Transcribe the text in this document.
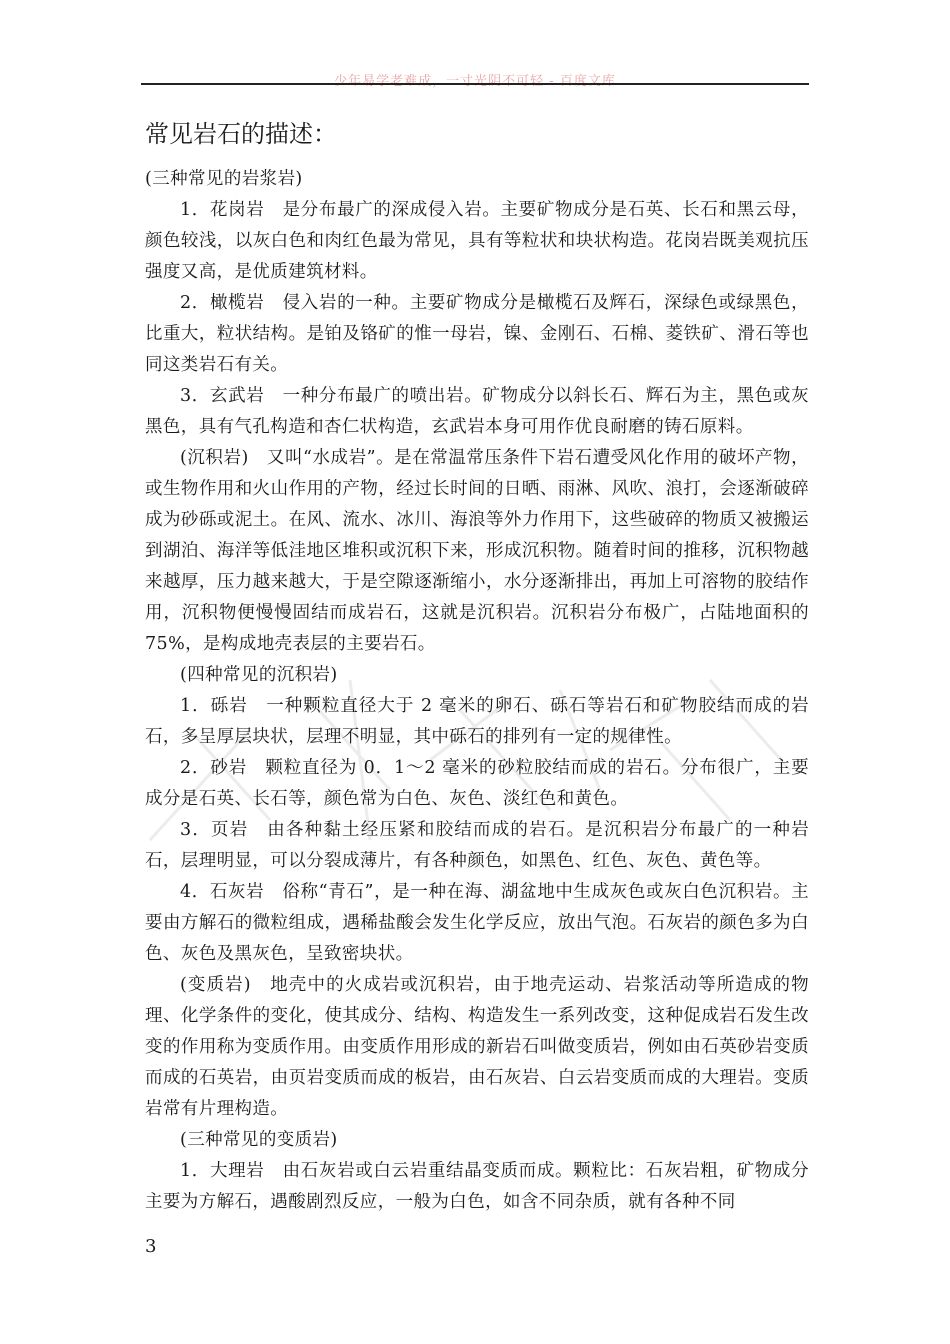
少年易学老难成，一寸光阴不可轻 - 百度文库
常见岩石的描述：

(三种常见的岩浆岩)

1．花岗岩　是分布最广的深成侵入岩。主要矿物成分是石英、长石和黑云母，颜色较浅，以灰白色和肉红色最为常见，具有等粒状和块状构造。花岗岩既美观抗压强度又高，是优质建筑材料。

2．橄榄岩　侵入岩的一种。主要矿物成分是橄榄石及辉石，深绿色或绿黑色，比重大，粒状结构。是铂及铬矿的惟一母岩，镍、金刚石、石棉、菱铁矿、滑石等也同这类岩石有关。

3．玄武岩　一种分布最广的喷出岩。矿物成分以斜长石、辉石为主，黑色或灰黑色，具有气孔构造和杏仁状构造，玄武岩本身可用作优良耐磨的铸石原料。

(沉积岩)　又叫“水成岩”。是在常温常压条件下岩石遭受风化作用的破坏产物，或生物作用和火山作用的产物，经过长时间的日晒、雨淋、风吹、浪打，会逐渐破碎成为砂砾或泥土。在风、流水、冰川、海浪等外力作用下，这些破碎的物质又被搬运到湖泊、海洋等低洼地区堆积或沉积下来，形成沉积物。随着时间的推移，沉积物越来越厚，压力越来越大，于是空隙逐渐缩小，水分逐渐排出，再加上可溶物的胶结作用，沉积物便慢慢固结而成岩石，这就是沉积岩。沉积岩分布极广，占陆地面积的 75%，是构成地壳表层的主要岩石。

(四种常见的沉积岩)

1．砾岩　一种颗粒直径大于 2 毫米的卵石、砾石等岩石和矿物胶结而成的岩石，多呈厚层块状，层理不明显，其中砾石的排列有一定的规律性。

2．砂岩　颗粒直径为 0．1～2 毫米的砂粒胶结而成的岩石。分布很广，主要成分是石英、长石等，颜色常为白色、灰色、淡红色和黄色。

3．页岩　由各种黏土经压紧和胶结而成的岩石。是沉积岩分布最广的一种岩石，层理明显，可以分裂成薄片，有各种颜色，如黑色、红色、灰色、黄色等。

4．石灰岩　俗称“青石”，是一种在海、湖盆地中生成灰色或灰白色沉积岩。主要由方解石的微粒组成，遇稀盐酸会发生化学反应，放出气泡。石灰岩的颜色多为白色、灰色及黑灰色，呈致密块状。

(变质岩)　地壳中的火成岩或沉积岩，由于地壳运动、岩浆活动等所造成的物理、化学条件的变化，使其成分、结构、构造发生一系列改变，这种促成岩石发生改变的作用称为变质作用。由变质作用形成的新岩石叫做变质岩，例如由石英砂岩变质而成的石英岩，由页岩变质而成的板岩，由石灰岩、白云岩变质而成的大理岩。变质岩常有片理构造。

(三种常见的变质岩)

1．大理岩　由石灰岩或白云岩重结晶变质而成。颗粒比：石灰岩粗，矿物成分主要为方解石，遇酸剧烈反应，一般为白色，如含不同杂质，就有各种不同

3
